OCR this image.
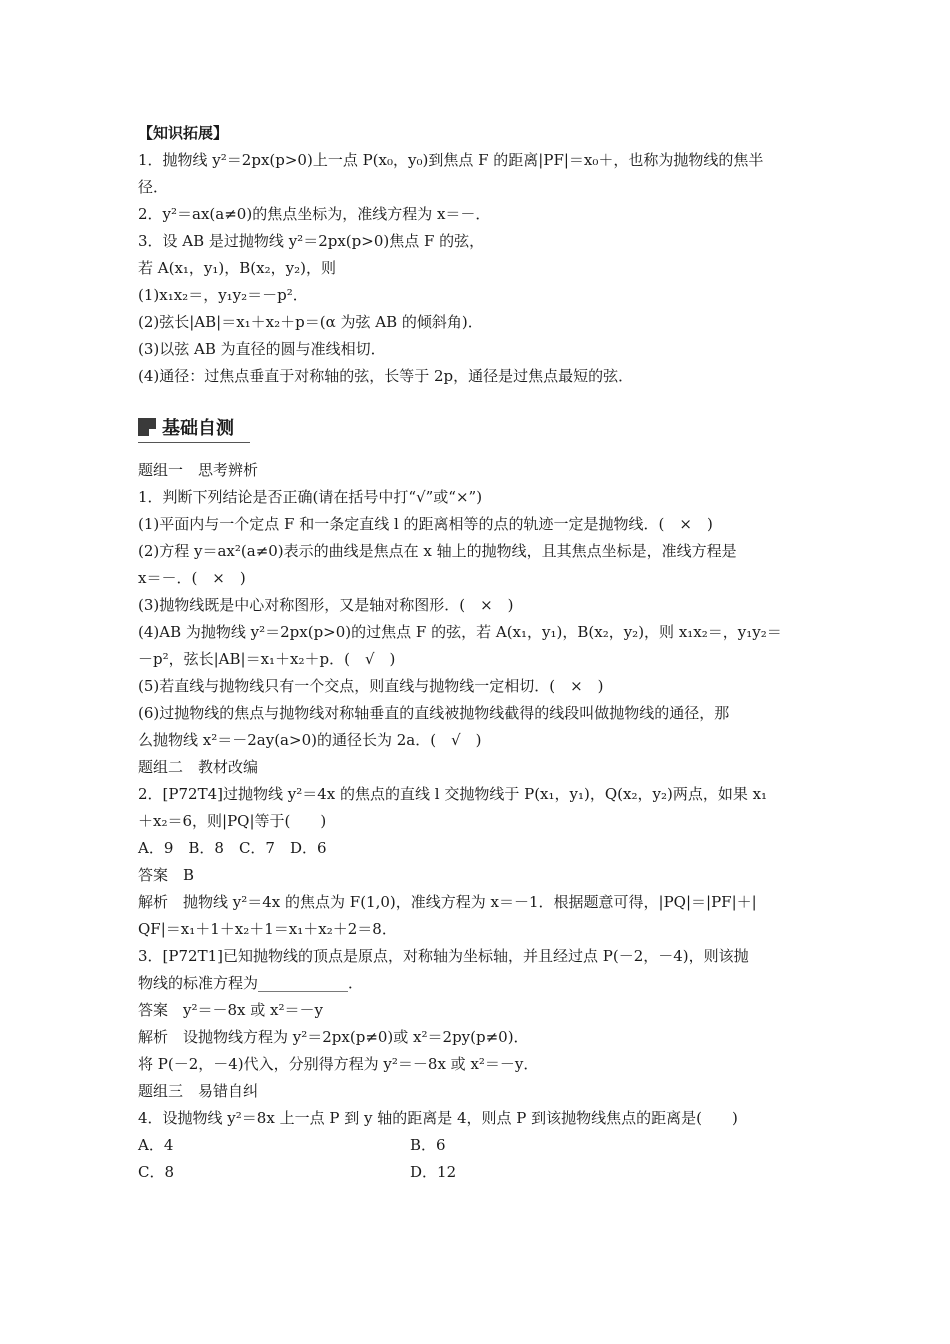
【知识拓展】
1．抛物线 y²＝2px(p>0)上一点 P(x₀，y₀)到焦点 F 的距离|PF|＝x₀＋，也称为抛物线的焦半
径．
2．y²＝ax(a≠0)的焦点坐标为，准线方程为 x＝－．
3．设 AB 是过抛物线 y²＝2px(p>0)焦点 F 的弦，
若 A(x₁，y₁)，B(x₂，y₂)，则
(1)x₁x₂＝，y₁y₂＝－p²．
(2)弦长|AB|＝x₁＋x₂＋p＝(α 为弦 AB 的倾斜角)．
(3)以弦 AB 为直径的圆与准线相切．
(4)通径：过焦点垂直于对称轴的弦，长等于 2p，通径是过焦点最短的弦．
基础自测
题组一　思考辨析
1．判断下列结论是否正确(请在括号中打“√”或“×”)
(1)平面内与一个定点 F 和一条定直线 l 的距离相等的点的轨迹一定是抛物线．(　×　)
(2)方程 y＝ax²(a≠0)表示的曲线是焦点在 x 轴上的抛物线，且其焦点坐标是，准线方程是
x＝－．(　×　)
(3)抛物线既是中心对称图形，又是轴对称图形．(　×　)
(4)AB 为抛物线 y²＝2px(p>0)的过焦点 F 的弦，若 A(x₁，y₁)，B(x₂，y₂)，则 x₁x₂＝，y₁y₂＝
－p²，弦长|AB|＝x₁＋x₂＋p．(　√　)
(5)若直线与抛物线只有一个交点，则直线与抛物线一定相切．(　×　)
(6)过抛物线的焦点与抛物线对称轴垂直的直线被抛物线截得的线段叫做抛物线的通径，那
么抛物线 x²＝－2ay(a>0)的通径长为 2a．(　√　)
题组二　教材改编
2．[P72T4]过抛物线 y²＝4x 的焦点的直线 l 交抛物线于 P(x₁，y₁)，Q(x₂，y₂)两点，如果 x₁
＋x₂＝6，则|PQ|等于(　　)
A．9　B．8　C．7　D．6
答案　B
解析　抛物线 y²＝4x 的焦点为 F(1,0)，准线方程为 x＝－1．根据题意可得，|PQ|＝|PF|＋|
QF|＝x₁＋1＋x₂＋1＝x₁＋x₂＋2＝8．
3．[P72T1]已知抛物线的顶点是原点，对称轴为坐标轴，并且经过点 P(－2，－4)，则该抛
物线的标准方程为____________．
答案　y²＝－8x 或 x²＝－y
解析　设抛物线方程为 y²＝2px(p≠0)或 x²＝2py(p≠0)．
将 P(－2，－4)代入，分别得方程为 y²＝－8x 或 x²＝－y．
题组三　易错自纠
4．设抛物线 y²＝8x 上一点 P 到 y 轴的距离是 4，则点 P 到该抛物线焦点的距离是(　　)
A．4	B．6
C．8	D．12
